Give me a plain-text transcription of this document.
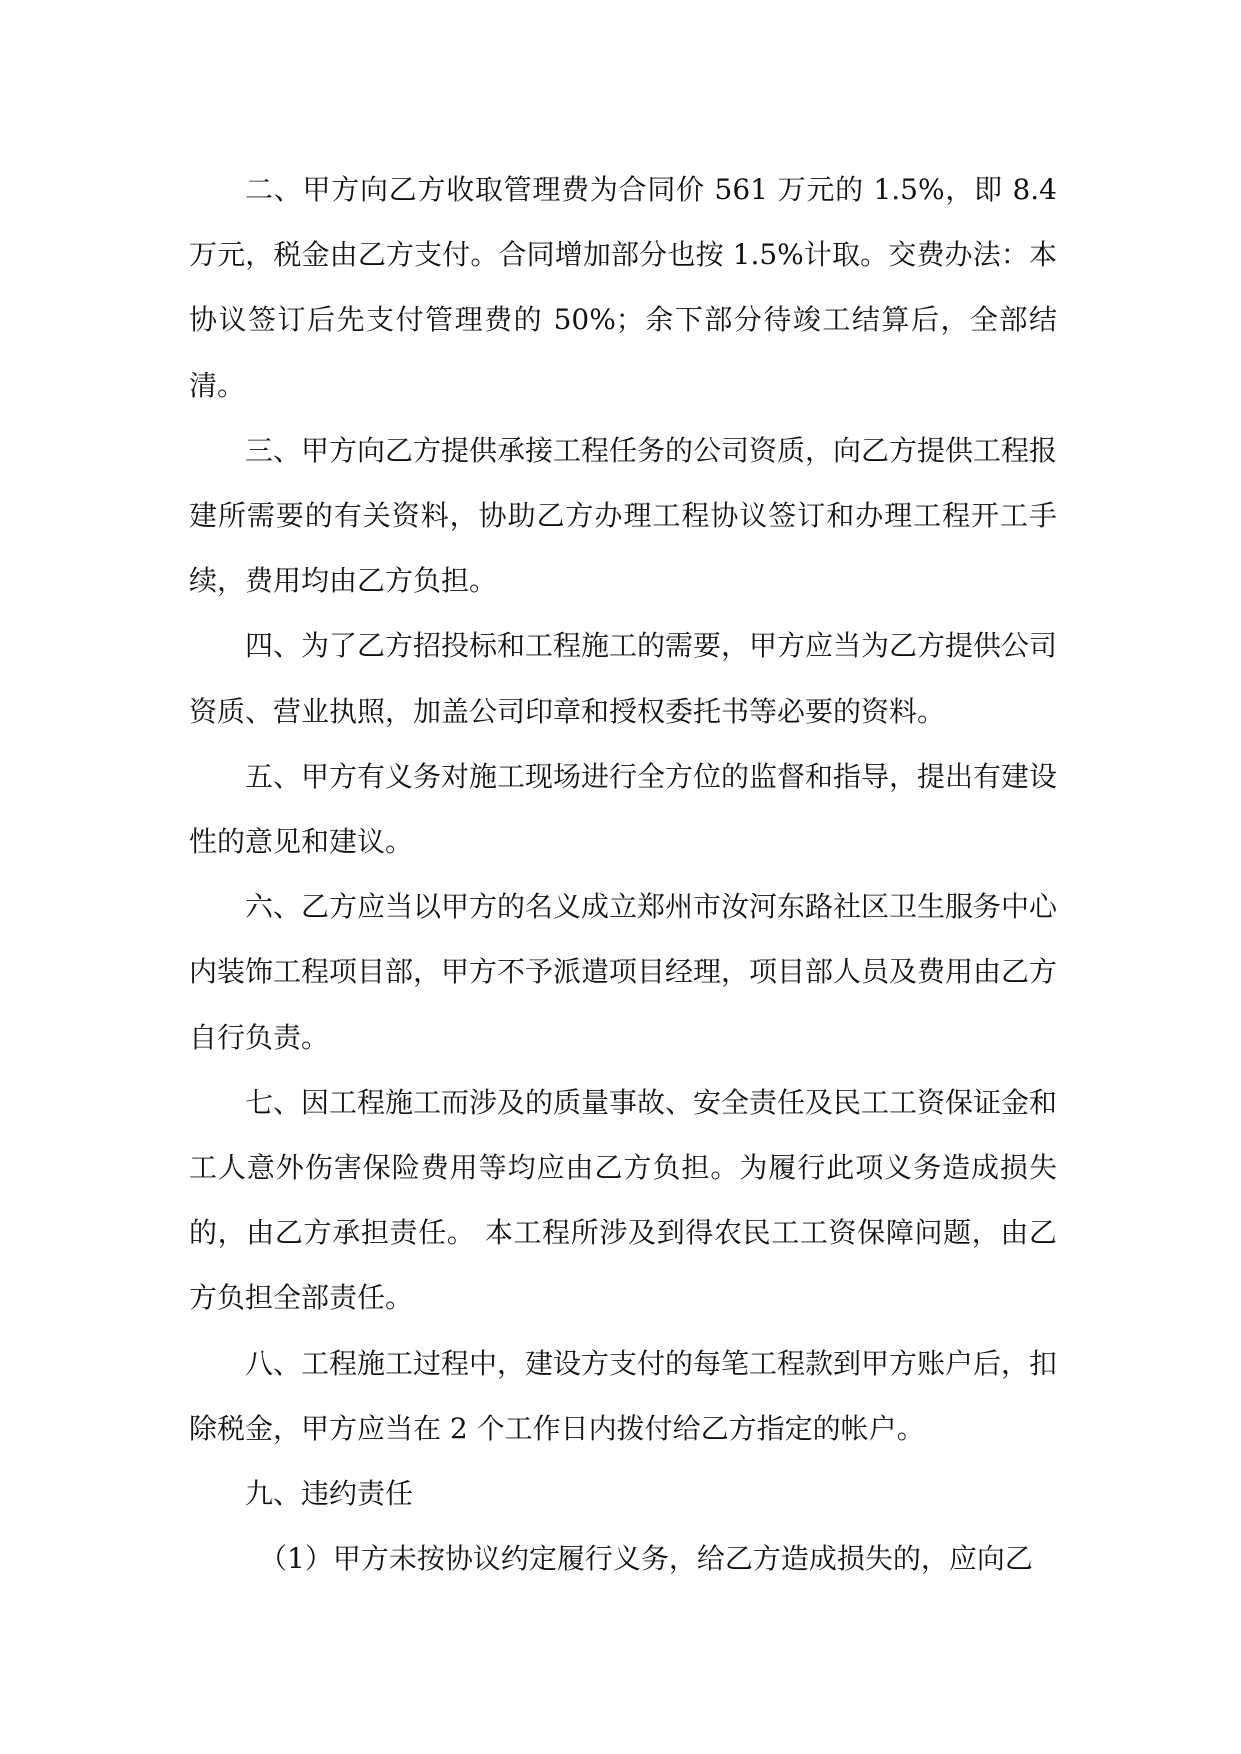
二、甲方向乙方收取管理费为合同价 561 万元的 1.5%，即 8.4 万元，税金由乙方支付。合同增加部分也按 1.5%计取。交费办法：本协议签订后先支付管理费的 50%；余下部分待竣工结算后，全部结清。

三、甲方向乙方提供承接工程任务的公司资质，向乙方提供工程报建所需要的有关资料，协助乙方办理工程协议签订和办理工程开工手续，费用均由乙方负担。

四、为了乙方招投标和工程施工的需要，甲方应当为乙方提供公司资质、营业执照，加盖公司印章和授权委托书等必要的资料。

五、甲方有义务对施工现场进行全方位的监督和指导，提出有建设性的意见和建议。

六、乙方应当以甲方的名义成立郑州市汝河东路社区卫生服务中心内装饰工程项目部，甲方不予派遣项目经理，项目部人员及费用由乙方自行负责。

七、因工程施工而涉及的质量事故、安全责任及民工工资保证金和工人意外伤害保险费用等均应由乙方负担。为履行此项义务造成损失的，由乙方承担责任。 本工程所涉及到得农民工工资保障问题，由乙方负担全部责任。

八、工程施工过程中，建设方支付的每笔工程款到甲方账户后，扣除税金，甲方应当在 2 个工作日内拨付给乙方指定的帐户。

九、违约责任

（1）甲方未按协议约定履行义务，给乙方造成损失的，应向乙
